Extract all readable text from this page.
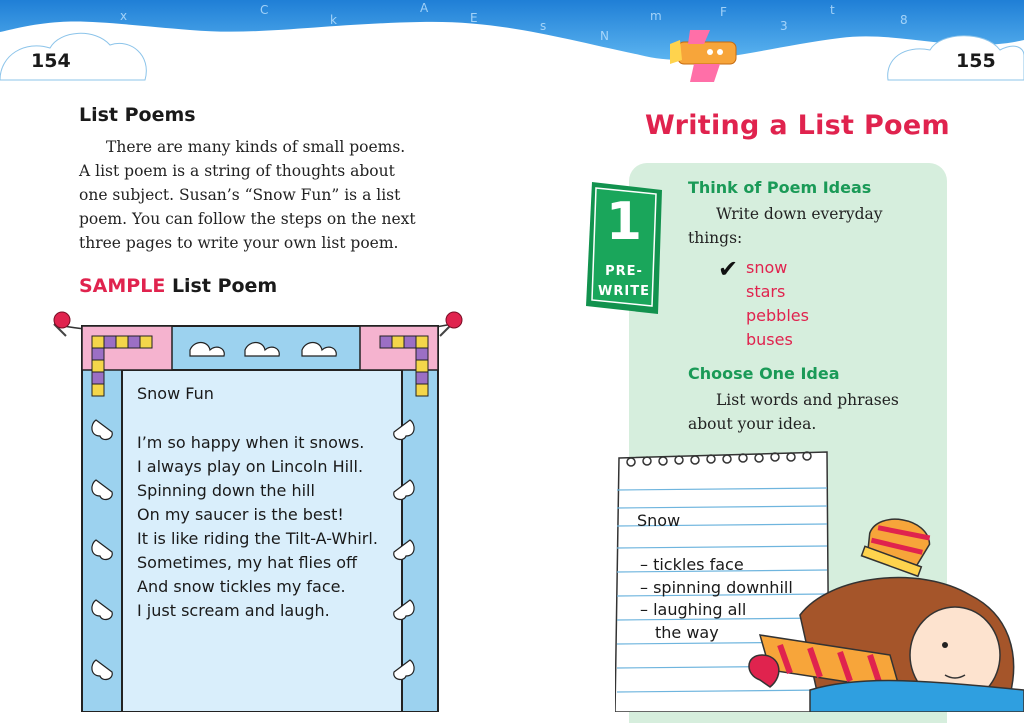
x	C
k
A
E
s
N
m	F
3
t
8
154	155
List Poems
There are many kinds of small poems.
A list poem is a string of thoughts about
one subject. Susan’s “Snow Fun” is a list
poem. You can follow the steps on the next
three pages to write your own list poem.
SAMPLE List Poem
Snow Fun
I’m so happy when it snows.
I always play on Lincoln Hill.
Spinning down the hill
On my saucer is the best!
It is like riding the Tilt-A-Whirl.
Sometimes, my hat flies off
And snow tickles my face.
I just scream and laugh.
Writing a List Poem
1
PRE-
WRITE
Think of Poem Ideas
Write down everyday
things:
✔ snow
stars
pebbles
buses
Choose One Idea
List words and phrases
about your idea.
Snow
– tickles face
– spinning downhill
– laughing all
the way
